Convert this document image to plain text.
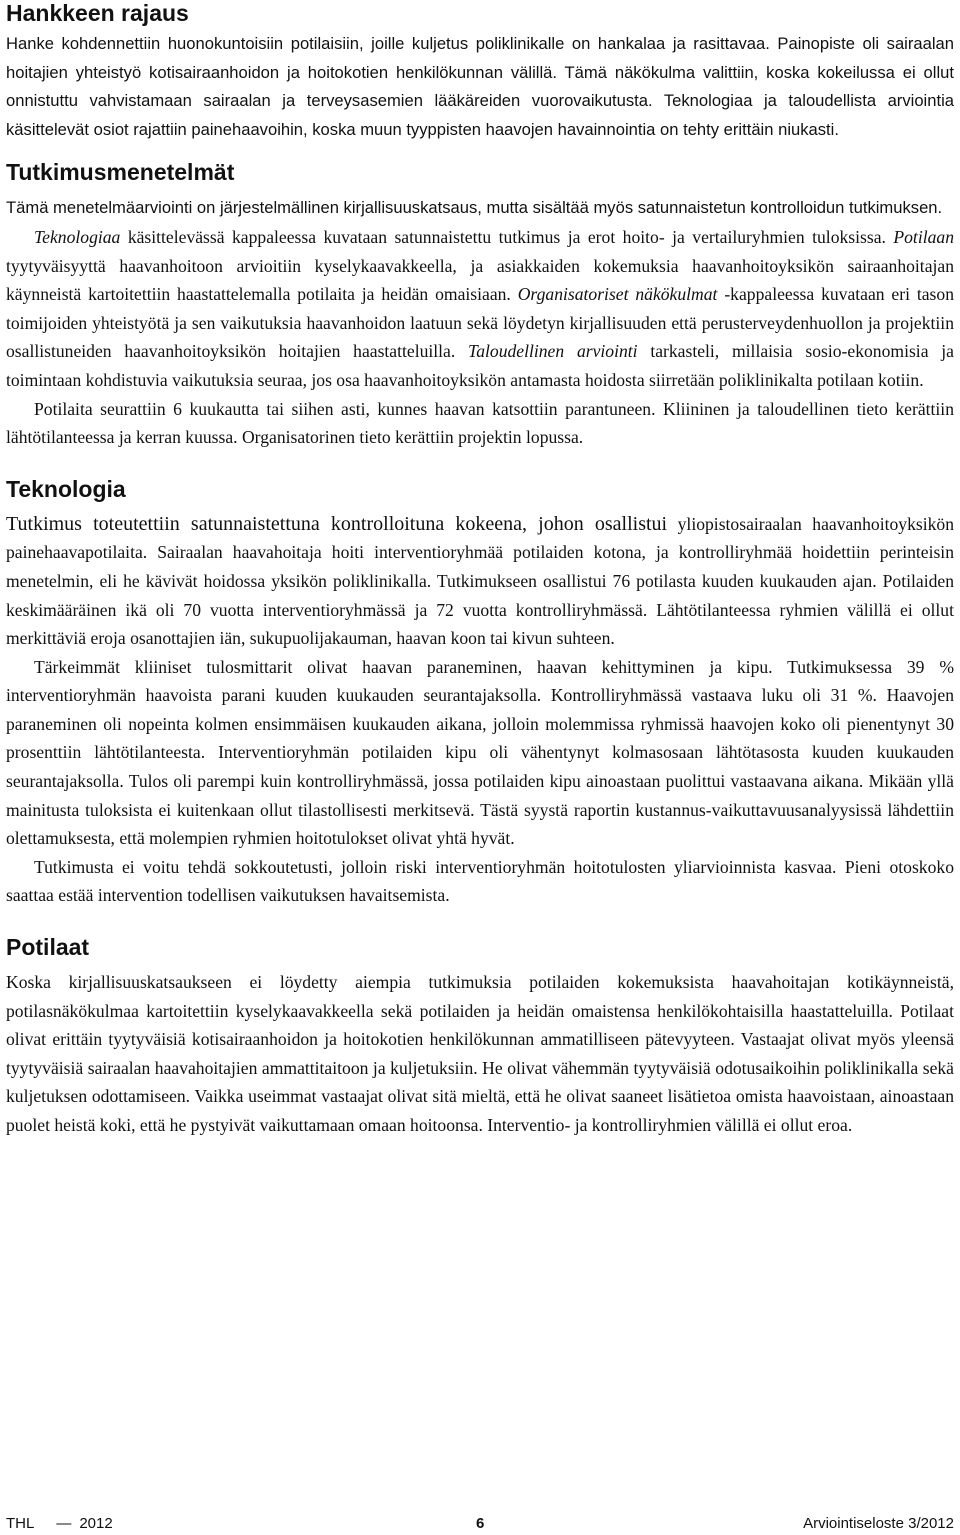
Hankkeen rajaus

Hanke kohdennettiin huonokuntoisiin potilaisiin, joille kuljetus poliklinikalle on hankalaa ja rasittavaa. Painopiste oli sairaalan hoitajien yhteistyö kotisairaanhoidon ja hoitokotien henkilökunnan välillä. Tämä näkökulma valittiin, koska kokeilussa ei ollut onnistuttu vahvistamaan sairaalan ja terveysasemien lääkäreiden vuorovaikutusta. Teknologiaa ja taloudellista arviointia käsittelevät osiot rajattiin painehaavoihin, koska muun tyyppisten haavojen havainnointia on tehty erittäin niukasti.

Tutkimusmenetelmät

Tämä menetelmäarviointi on järjestelmällinen kirjallisuuskatsaus, mutta sisältää myös satunnaistetun kontrolloidun tutkimuksen.

Teknologiaa käsittelevässä kappaleessa kuvataan satunnaistettu tutkimus ja erot hoito- ja vertailuryhmien tuloksissa. Potilaan tyytyväisyyttä haavanhoitoon arvioitiin kyselykaavakkeella, ja asiakkaiden kokemuksia haavanhoitoyksikön sairaanhoitajan käynneistä kartoitettiin haastattelemalla potilaita ja heidän omaisiaan. Organisatoriset näkökulmat -kappaleessa kuvataan eri tason toimijoiden yhteistyötä ja sen vaikutuksia haavanhoidon laatuun sekä löydetyn kirjallisuuden että perusterveydenhuollon ja projektiin osallistuneiden haavanhoitoyksikön hoitajien haastatteluilla. Taloudellinen arviointi tarkasteli, millaisia sosio-ekonomisia ja toimintaan kohdistuvia vaikutuksia seuraa, jos osa haavanhoitoyksikön antamasta hoidosta siirretään poliklinikalta potilaan kotiin.

Potilaita seurattiin 6 kuukautta tai siihen asti, kunnes haavan katsottiin parantuneen. Kliininen ja taloudellinen tieto kerättiin lähtötilanteessa ja kerran kuussa. Organisatorinen tieto kerättiin projektin lopussa.

Teknologia

Tutkimus toteutettiin satunnaistettuna kontrolloituna kokeena, johon osallistui yliopistosairaalan haavanhoitoyksikön painehaavapotilaita. Sairaalan haavahoitaja hoiti interventioryhmää potilaiden kotona, ja kontrolliryhmää hoidettiin perinteisin menetelmin, eli he kävivät hoidossa yksikön poliklinikalla. Tutkimukseen osallistui 76 potilasta kuuden kuukauden ajan. Potilaiden keskimääräinen ikä oli 70 vuotta interventioryhmässä ja 72 vuotta kontrolliryhmässä. Lähtötilanteessa ryhmien välillä ei ollut merkittäviä eroja osanottajien iän, sukupuolijakauman, haavan koon tai kivun suhteen.

Tärkeimmät kliiniset tulosmittarit olivat haavan paraneminen, haavan kehittyminen ja kipu. Tutkimuksessa 39 % interventioryhmän haavoista parani kuuden kuukauden seurantajaksolla. Kontrolliryhmässä vastaava luku oli 31 %. Haavojen paraneminen oli nopeinta kolmen ensimmäisen kuukauden aikana, jolloin molemmissa ryhmissä haavojen koko oli pienentynyt 30 prosenttiin lähtötilanteesta. Interventioryhmän potilaiden kipu oli vähentynyt kolmasosaan lähtötasosta kuuden kuukauden seurantajaksolla. Tulos oli parempi kuin kontrolliryhmässä, jossa potilaiden kipu ainoastaan puolittui vastaavana aikana. Mikään yllä mainitusta tuloksista ei kuitenkaan ollut tilastollisesti merkitsevä. Tästä syystä raportin kustannus-vaikuttavuusanalyysissä lähdettiin olettamuksesta, että molempien ryhmien hoitotulokset olivat yhtä hyvät.

Tutkimusta ei voitu tehdä sokkoutetusti, jolloin riski interventioryhmän hoitotulosten yliarvioinnista kasvaa. Pieni otoskoko saattaa estää intervention todellisen vaikutuksen havaitsemista.

Potilaat

Koska kirjallisuuskatsaukseen ei löydetty aiempia tutkimuksia potilaiden kokemuksista haavahoitajan kotikäynneistä, potilasnäkökulmaa kartoitettiin kyselykaavakkeella sekä potilaiden ja heidän omaistensa henkilökohtaisilla haastatteluilla. Potilaat olivat erittäin tyytyväisiä kotisairaanhoidon ja hoitokotien henkilökunnan ammatilliseen pätevyyteen. Vastaajat olivat myös yleensä tyytyväisiä sairaalan haavahoitajien ammattitaitoon ja kuljetuksiin. He olivat vähemmän tyytyväisiä odotusaikoihin poliklinikalla sekä kuljetuksen odottamiseen. Vaikka useimmat vastaajat olivat sitä mieltä, että he olivat saaneet lisätietoa omista haavoistaan, ainoastaan puolet heistä koki, että he pystyivät vaikuttamaan omaan hoitoonsa. Interventio- ja kontrolliryhmien välillä ei ollut eroa.

THL — 2012	6	Arviointiseloste 3/2012
